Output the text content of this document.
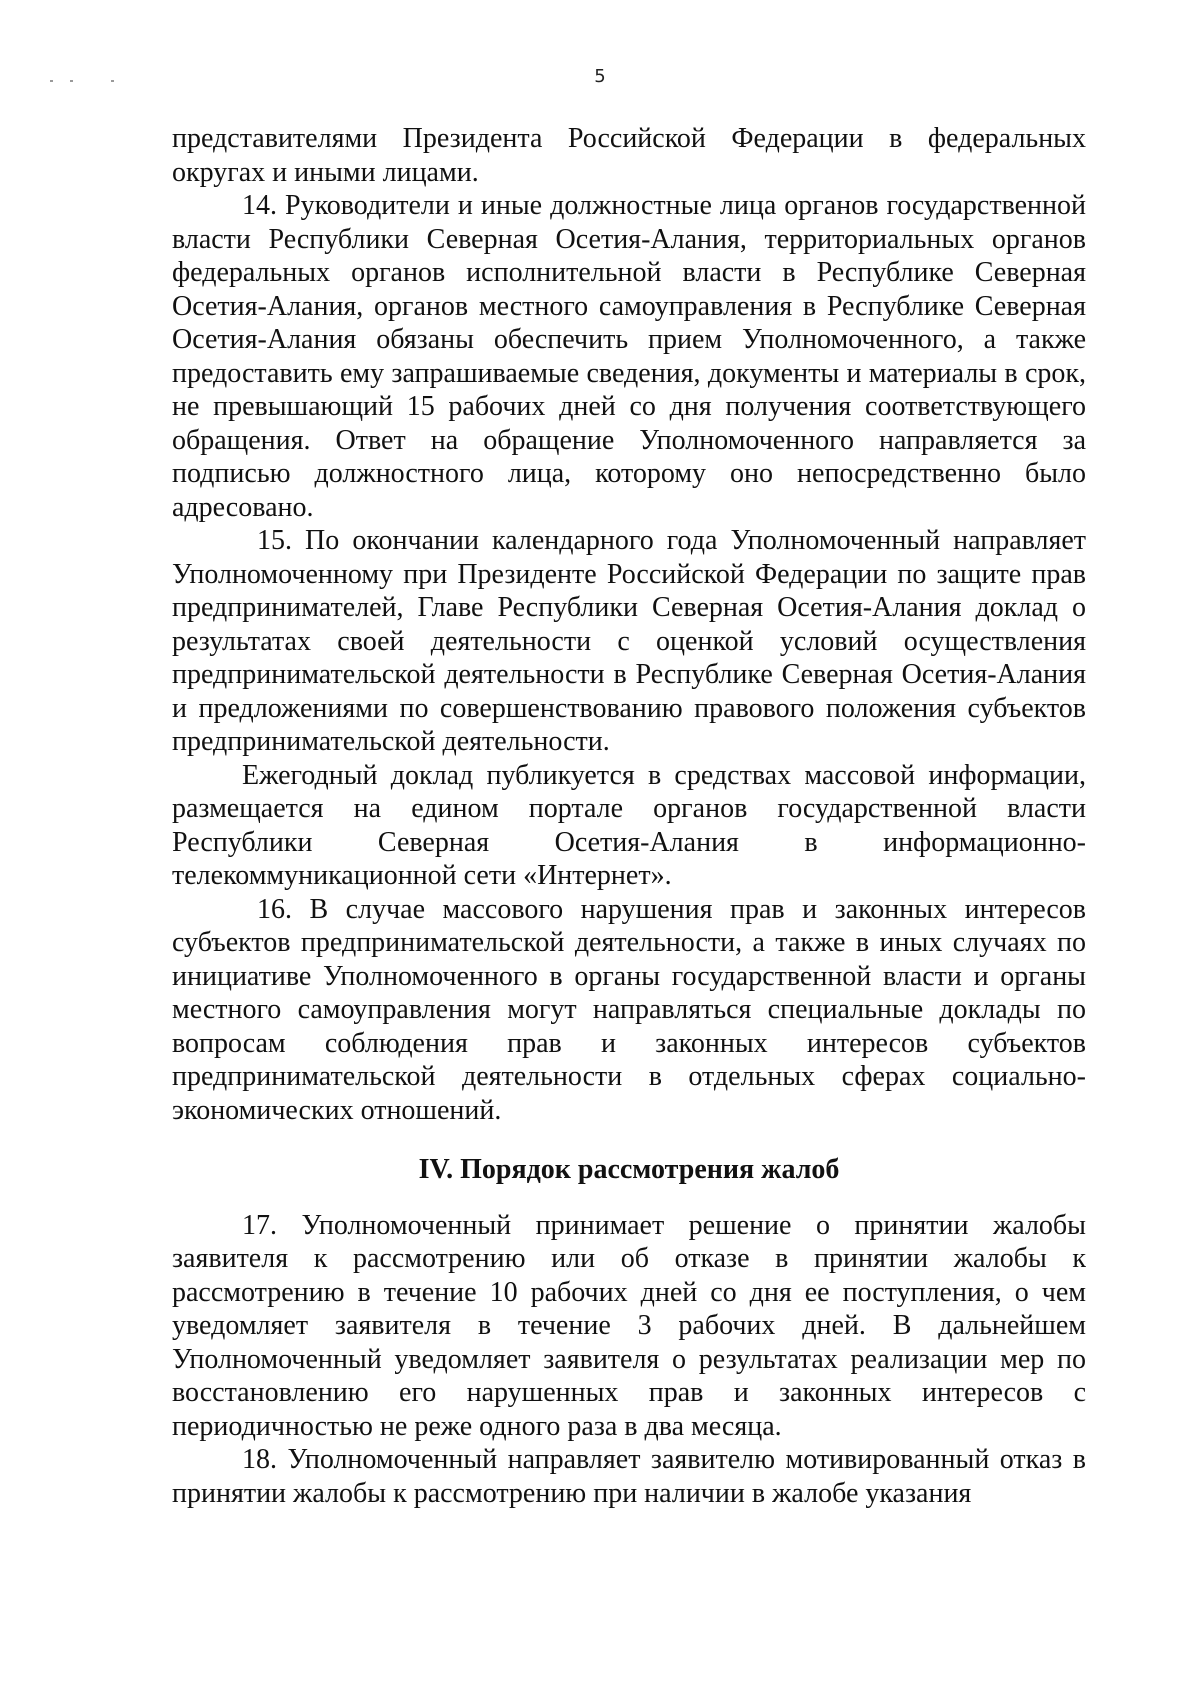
5

представителями Президента Российской Федерации в федеральных округах и иными лицами.

14. Руководители и иные должностные лица органов государственной власти Республики Северная Осетия-Алания, территориальных органов федеральных органов исполнительной власти в Республике Северная Осетия-Алания, органов местного самоуправления в Республике Северная Осетия-Алания обязаны обеспечить прием Уполномоченного, а также предоставить ему запрашиваемые сведения, документы и материалы в срок, не превышающий 15 рабочих дней со дня получения соответствующего обращения. Ответ на обращение Уполномоченного направляется за подписью должностного лица, которому оно непосредственно было адресовано.

15. По окончании календарного года Уполномоченный направляет Уполномоченному при Президенте Российской Федерации по защите прав предпринимателей, Главе Республики Северная Осетия-Алания доклад о результатах своей деятельности с оценкой условий осуществления предпринимательской деятельности в Республике Северная Осетия-Алания и предложениями по совершенствованию правового положения субъектов предпринимательской деятельности.

Ежегодный доклад публикуется в средствах массовой информации, размещается на едином портале органов государственной власти Республики Северная Осетия-Алания в информационно-телекоммуникационной сети «Интернет».

16. В случае массового нарушения прав и законных интересов субъектов предпринимательской деятельности, а также в иных случаях по инициативе Уполномоченного в органы государственной власти и органы местного самоуправления могут направляться специальные доклады по вопросам соблюдения прав и законных интересов субъектов предпринимательской деятельности в отдельных сферах социально-экономических отношений.

IV. Порядок рассмотрения жалоб

17. Уполномоченный принимает решение о принятии жалобы заявителя к рассмотрению или об отказе в принятии жалобы к рассмотрению в течение 10 рабочих дней со дня ее поступления, о чем уведомляет заявителя в течение 3 рабочих дней. В дальнейшем Уполномоченный уведомляет заявителя о результатах реализации мер по восстановлению его нарушенных прав и законных интересов с периодичностью не реже одного раза в два месяца.

18. Уполномоченный направляет заявителю мотивированный отказ в принятии жалобы к рассмотрению при наличии в жалобе указания
